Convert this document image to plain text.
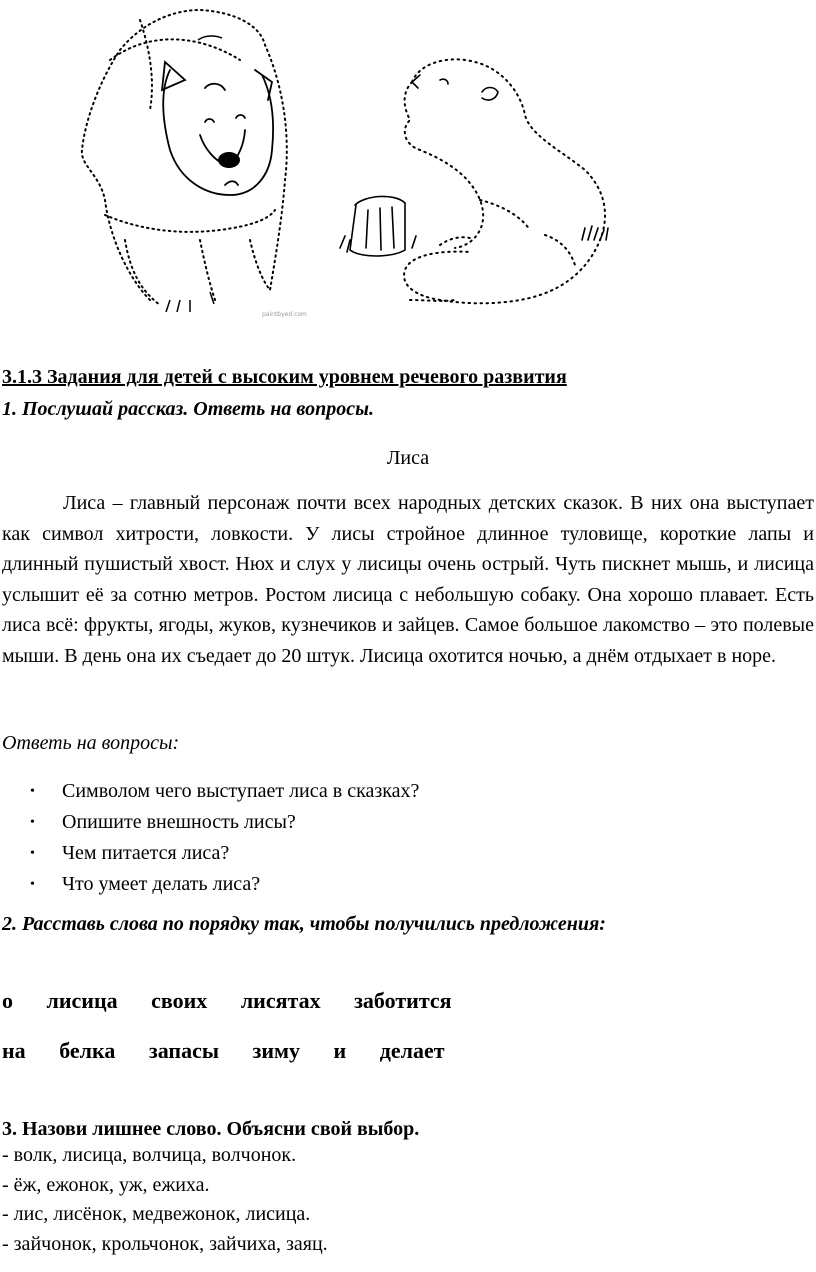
paintbyed.com
3.1.3 Задания для детей с высоким уровнем речевого развития
1. Послушай рассказ. Ответь на вопросы.
Лиса

Лиса – главный персонаж почти всех народных детских сказок. В них она выступает как символ хитрости, ловкости. У лисы стройное длинное туловище, короткие лапы и длинный пушистый хвост. Нюх и слух у лисицы очень острый. Чуть пискнет мышь, и лисица услышит её за сотню метров. Ростом лисица с небольшую собаку. Она хорошо плавает. Есть лиса всё: фрукты, ягоды, жуков, кузнечиков и зайцев. Самое большое лакомство – это полевые мыши. В день она их съедает до 20 штук. Лисица охотится ночью, а днём отдыхает в норе.

Ответь на вопросы:
• Символом чего выступает лиса в сказках?
• Опишите внешность лисы?
• Чем питается лиса?
• Что умеет делать лиса?
2. Расставь слова по порядку так, чтобы получились предложения:
о лисица своих лисятах заботится
на белка запасы зиму и делает
3. Назови лишнее слово. Объясни свой выбор.
- волк, лисица, волчица, волчонок.
- ёж, ежонок, уж, ежиха.
- лис, лисёнок, медвежонок, лисица.
- зайчонок, крольчонок, зайчиха, заяц.
